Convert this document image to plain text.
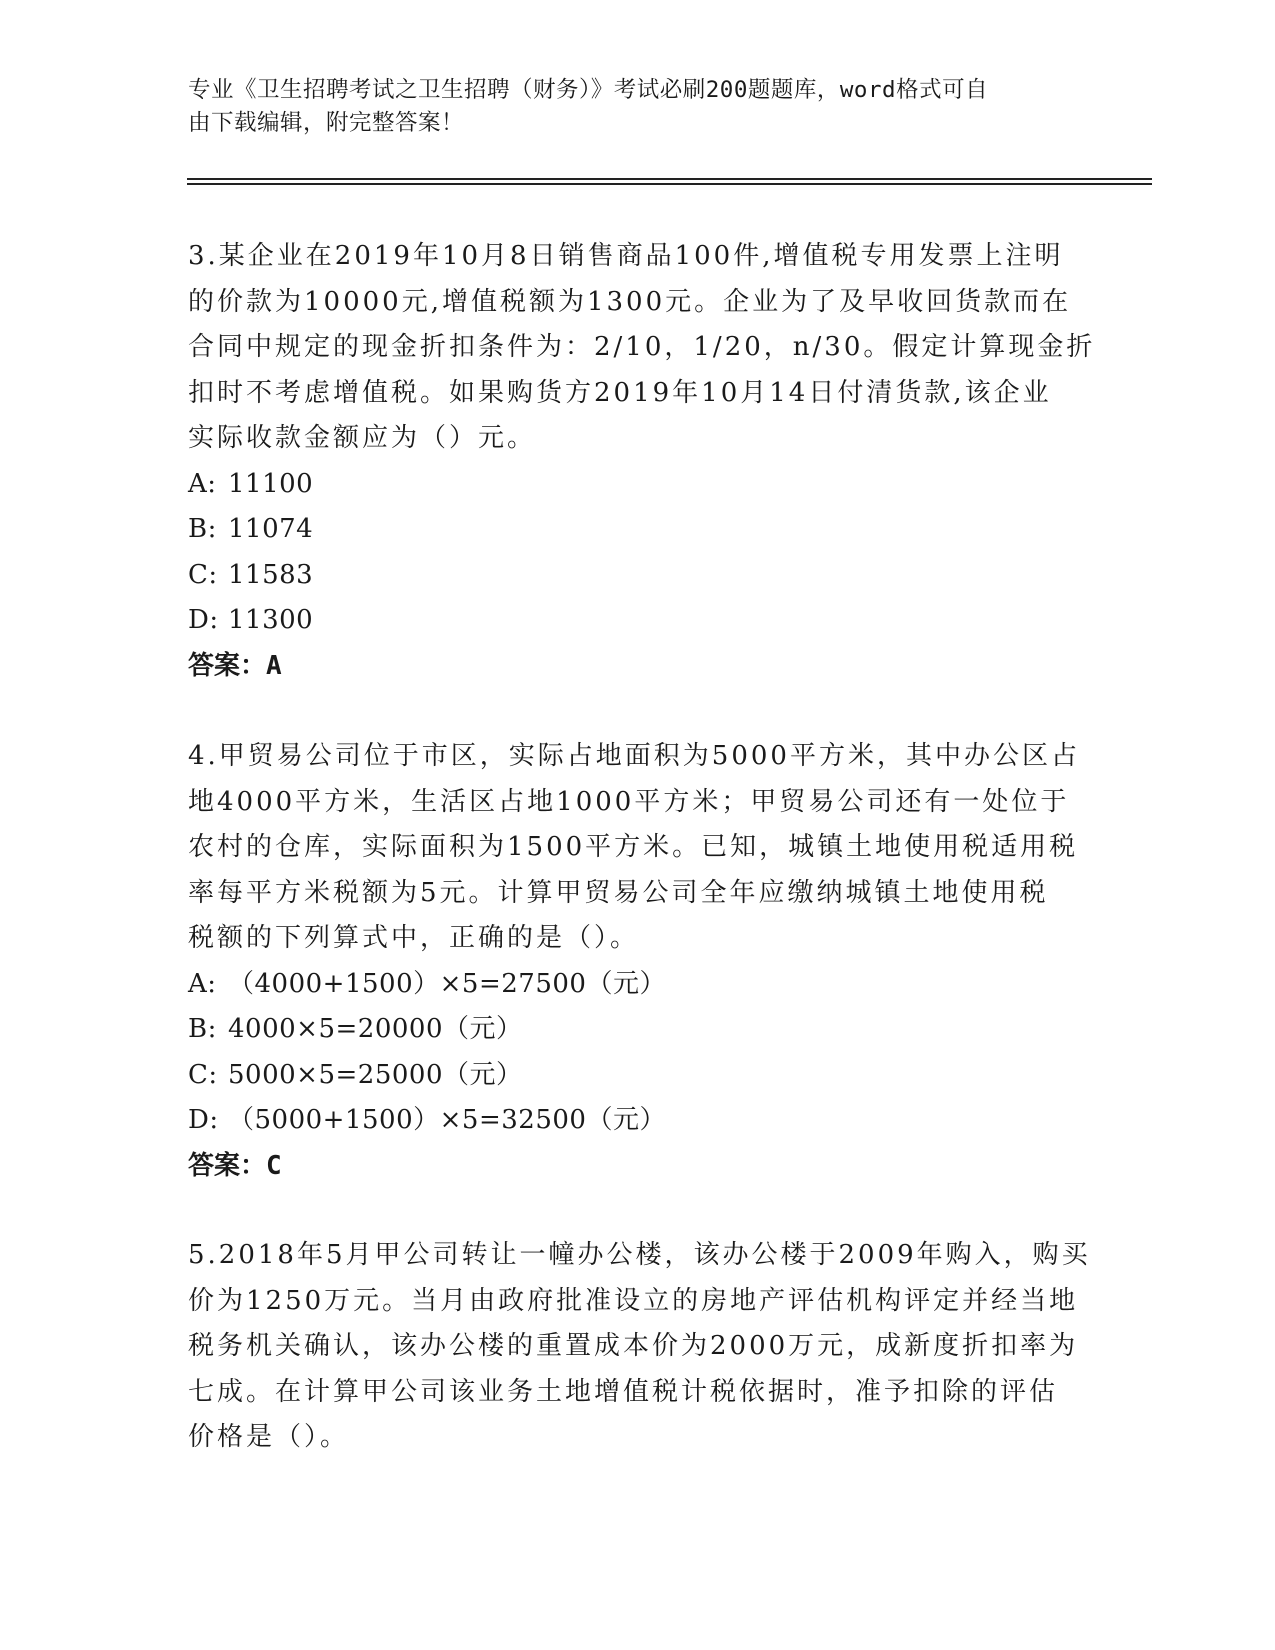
专业《卫生招聘考试之卫生招聘（财务）》考试必刷200题题库，word格式可自
由下载编辑，附完整答案！

3.某企业在2019年10月8日销售商品100件,增值税专用发票上注明
的价款为10000元,增值税额为1300元。企业为了及早收回货款而在
合同中规定的现金折扣条件为：2/10，1/20，n/30。假定计算现金折
扣时不考虑增值税。如果购货方2019年10月14日付清货款,该企业
实际收款金额应为（）元。

A: 11100

B: 11074

C: 11583

D: 11300

答案：A

4.甲贸易公司位于市区，实际占地面积为5000平方米，其中办公区占
地4000平方米，生活区占地1000平方米；甲贸易公司还有一处位于
农村的仓库，实际面积为1500平方米。已知，城镇土地使用税适用税
率每平方米税额为5元。计算甲贸易公司全年应缴纳城镇土地使用税
税额的下列算式中，正确的是（）。

A: （4000+1500）×5=27500（元）

B: 4000×5=20000（元）

C: 5000×5=25000（元）

D: （5000+1500）×5=32500（元）

答案：C

5.2018年5月甲公司转让一幢办公楼，该办公楼于2009年购入，购买
价为1250万元。当月由政府批准设立的房地产评估机构评定并经当地
税务机关确认，该办公楼的重置成本价为2000万元，成新度折扣率为
七成。在计算甲公司该业务土地增值税计税依据时，准予扣除的评估
价格是（）。
